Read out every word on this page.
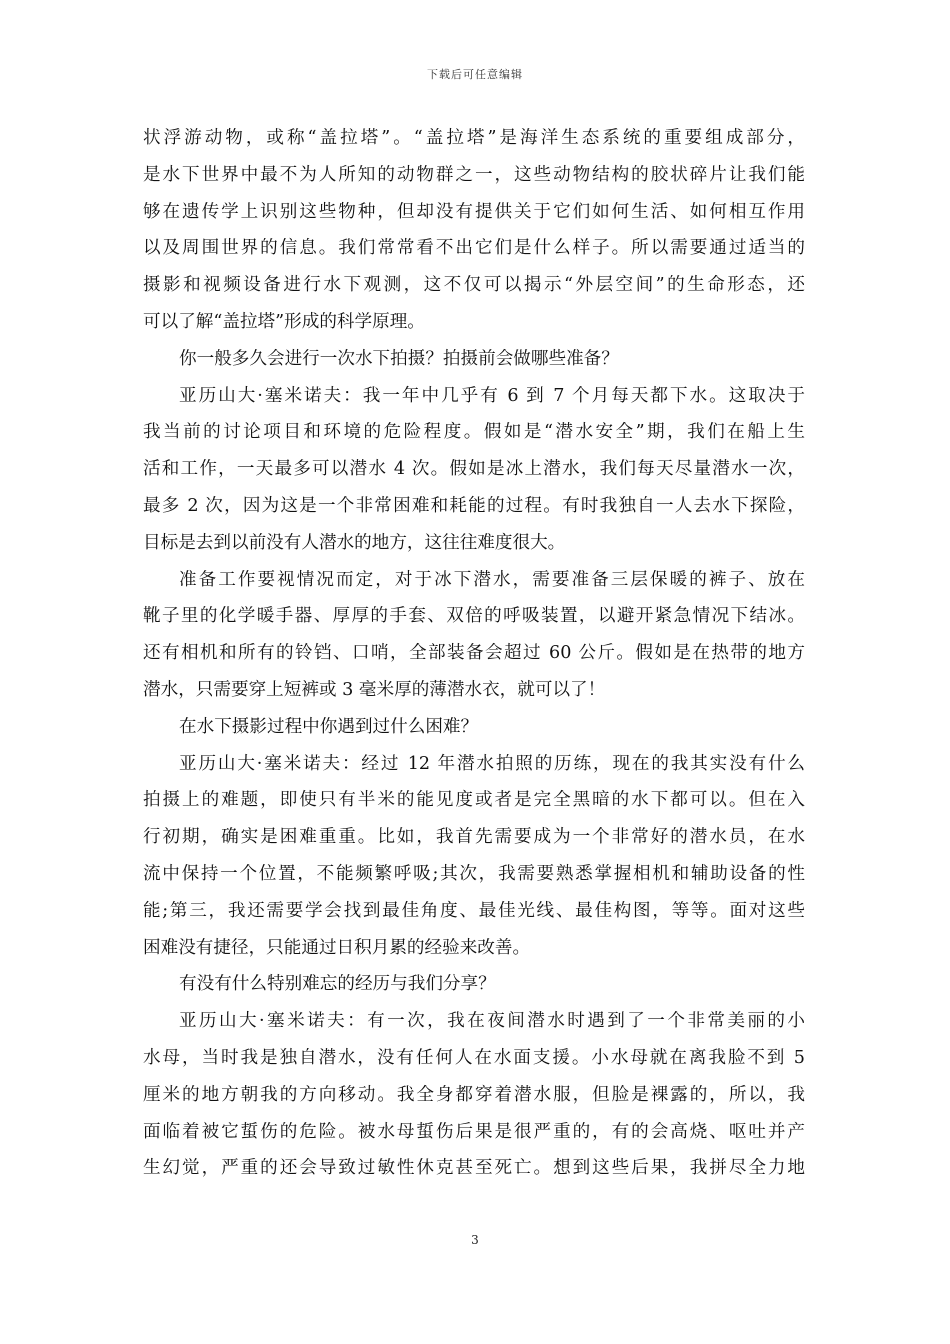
下载后可任意编辑
状浮游动物，或称“盖拉塔”。“盖拉塔”是海洋生态系统的重要组成部分，
是水下世界中最不为人所知的动物群之一，这些动物结构的胶状碎片让我们能
够在遗传学上识别这些物种，但却没有提供关于它们如何生活、如何相互作用
以及周围世界的信息。我们常常看不出它们是什么样子。所以需要通过适当的
摄影和视频设备进行水下观测，这不仅可以揭示“外层空间”的生命形态，还
可以了解“盖拉塔”形成的科学原理。
你一般多久会进行一次水下拍摄？拍摄前会做哪些准备？
亚历山大·塞米诺夫：我一年中几乎有 6 到 7 个月每天都下水。这取决于
我当前的讨论项目和环境的危险程度。假如是“潜水安全”期，我们在船上生
活和工作，一天最多可以潜水 4 次。假如是冰上潜水，我们每天尽量潜水一次，
最多 2 次，因为这是一个非常困难和耗能的过程。有时我独自一人去水下探险，
目标是去到以前没有人潜水的地方，这往往难度很大。
准备工作要视情况而定，对于冰下潜水，需要准备三层保暖的裤子、放在
靴子里的化学暖手器、厚厚的手套、双倍的呼吸装置，以避开紧急情况下结冰。
还有相机和所有的铃铛、口哨，全部装备会超过 60 公斤。假如是在热带的地方
潜水，只需要穿上短裤或 3 毫米厚的薄潜水衣，就可以了！
在水下摄影过程中你遇到过什么困难？
亚历山大·塞米诺夫：经过 12 年潜水拍照的历练，现在的我其实没有什么
拍摄上的难题，即使只有半米的能见度或者是完全黑暗的水下都可以。但在入
行初期，确实是困难重重。比如，我首先需要成为一个非常好的潜水员，在水
流中保持一个位置，不能频繁呼吸;其次，我需要熟悉掌握相机和辅助设备的性
能;第三，我还需要学会找到最佳角度、最佳光线、最佳构图，等等。面对这些
困难没有捷径，只能通过日积月累的经验来改善。
有没有什么特别难忘的经历与我们分享？
亚历山大·塞米诺夫：有一次，我在夜间潜水时遇到了一个非常美丽的小
水母，当时我是独自潜水，没有任何人在水面支援。小水母就在离我脸不到 5
厘米的地方朝我的方向移动。我全身都穿着潜水服，但脸是裸露的，所以，我
面临着被它蜇伤的危险。被水母蜇伤后果是很严重的，有的会高烧、呕吐并产
生幻觉，严重的还会导致过敏性休克甚至死亡。想到这些后果，我拼尽全力地
3
